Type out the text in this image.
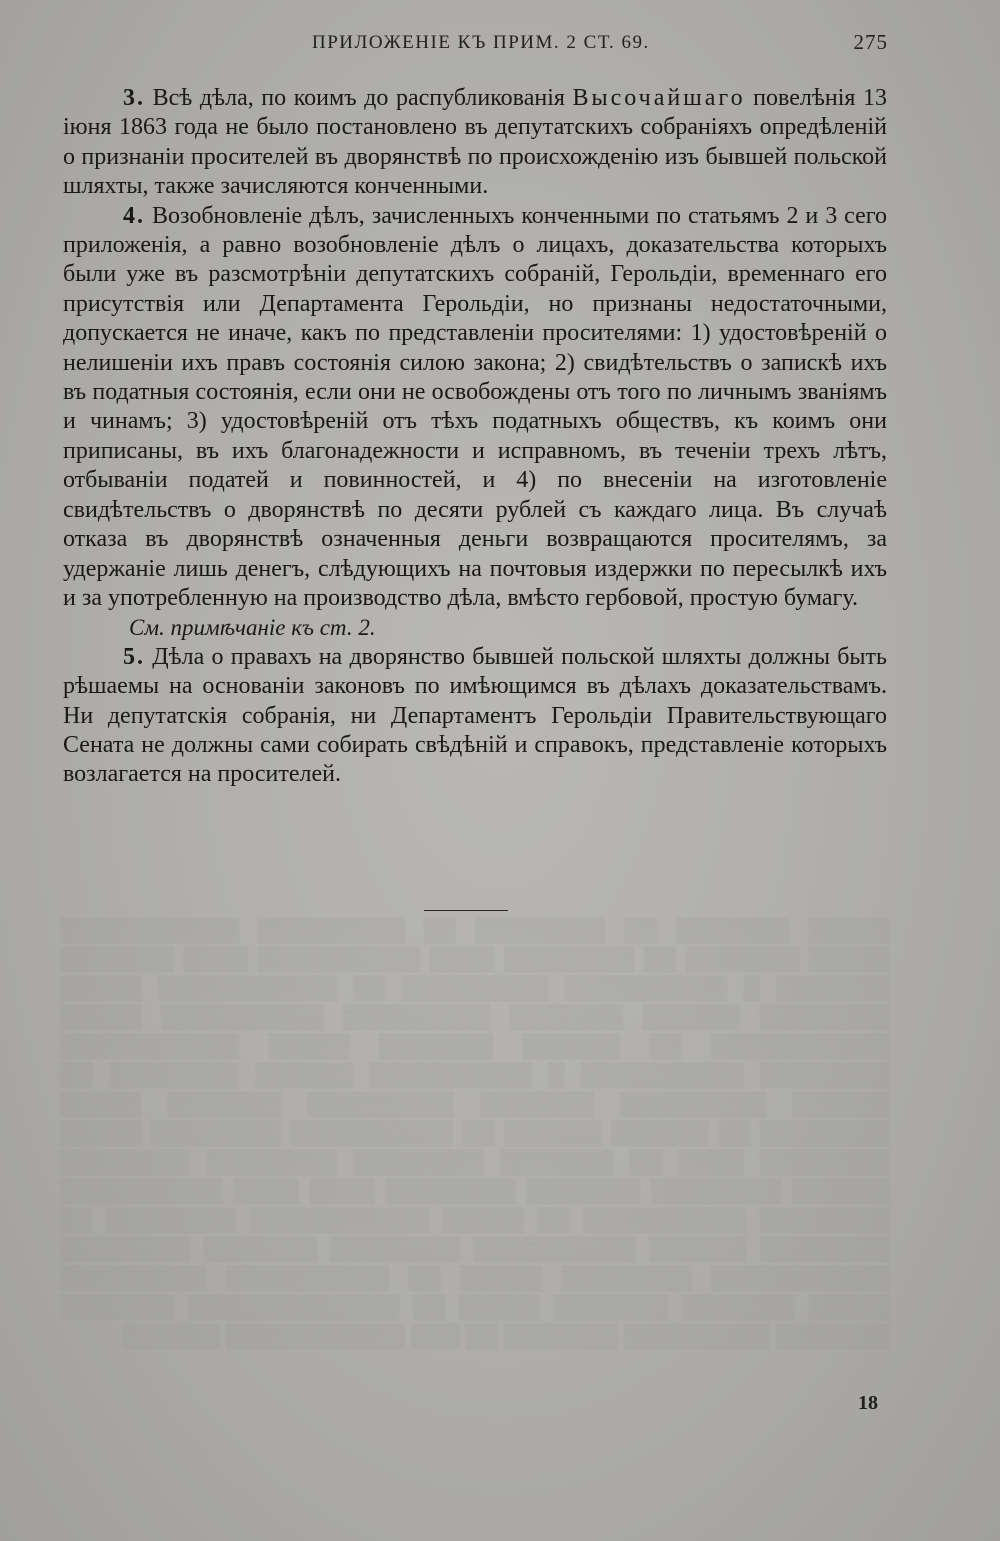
ПРИЛОЖЕНІЕ КЪ ПРИМ. 2 СТ. 69.	275

3. Всѣ дѣла, по коимъ до распубликованія Высочайшаго повелѣнія 13 іюня 1863 года не было постановлено въ депутатскихъ собраніяхъ опредѣленій о признаніи просителей въ дворянствѣ по происхожденію изъ бывшей польской шляхты, также зачисляются конченными.

4. Возобновленіе дѣлъ, зачисленныхъ конченными по статьямъ 2 и 3 сего приложенія, а равно возобновленіе дѣлъ о лицахъ, доказательства которыхъ были уже въ разсмотрѣніи депутатскихъ собраній, Герольдіи, временнаго его присутствія или Департамента Герольдіи, но признаны недостаточными, допускается не иначе, какъ по представленіи просителями: 1) удостовѣреній о нелишеніи ихъ правъ состоянія силою закона; 2) свидѣтельствъ о запискѣ ихъ въ податныя состоянія, если они не освобождены отъ того по личнымъ званіямъ и чинамъ; 3) удостовѣреній отъ тѣхъ податныхъ обществъ, къ коимъ они приписаны, въ ихъ благонадежности и исправномъ, въ теченіи трехъ лѣтъ, отбываніи податей и повинностей, и 4) по внесеніи на изготовленіе свидѣтельствъ о дворянствѣ по десяти рублей съ каждаго лица. Въ случаѣ отказа въ дворянствѣ означенныя деньги возвращаются просителямъ, за удержаніе лишь денегъ, слѣдующихъ на почтовыя издержки по пересылкѣ ихъ и за употребленную на производство дѣла, вмѣсто гербовой, простую бумагу.

См. примѣчаніе къ ст. 2.

5. Дѣла о правахъ на дворянство бывшей польской шляхты должны быть рѣшаемы на основаніи законовъ по имѣющимся въ дѣлахъ доказательствамъ. Ни депутатскія собранія, ни Департаментъ Герольдіи Правительствующаго Сената не должны сами собирать свѣдѣній и справокъ, представленіе которыхъ возлагается на просителей.

▒▒▒▒▒ ▒▒▒▒▒▒▒ ▒▒ ▒▒▒▒▒▒▒▒ ▒▒ ▒▒▒▒▒▒▒▒▒ ▒▒▒▒▒▒▒▒▒▒▒ ▒▒▒▒▒ ▒▒▒▒▒▒▒ ▒▒ ▒▒▒▒▒▒▒▒ ▒▒▒▒ ▒▒▒▒▒▒▒▒▒▒ ▒▒▒▒ ▒▒▒▒▒▒▒ ▒▒▒▒▒▒▒ ▒ ▒▒▒▒▒▒▒▒▒▒ ▒▒▒▒▒▒▒▒▒ ▒▒ ▒▒▒▒▒▒▒▒▒▒▒ ▒▒▒▒▒ ▒▒▒▒▒▒▒▒ ▒▒▒▒▒▒ ▒▒▒▒▒▒▒ ▒▒▒▒▒▒▒▒▒ ▒▒▒▒▒▒▒▒▒▒ ▒▒▒▒▒ ▒▒▒▒▒▒▒▒▒▒▒ ▒▒ ▒▒▒▒▒▒ ▒▒▒▒▒▒▒ ▒▒▒▒▒ ▒▒▒▒▒▒▒▒▒▒▒ ▒▒▒▒▒▒▒▒ ▒▒▒▒▒▒▒▒▒▒ ▒ ▒▒▒▒▒▒▒▒▒▒ ▒▒▒▒▒▒ ▒▒▒▒▒▒▒▒ ▒▒ ▒▒▒▒▒▒ ▒▒▒▒▒▒▒▒▒ ▒▒▒▒▒▒▒ ▒▒▒▒▒▒▒▒▒ ▒▒▒▒▒▒▒ ▒▒▒▒▒ ▒▒▒▒▒▒▒▒ ▒▒ ▒▒▒▒▒▒ ▒▒▒▒▒▒ ▒▒ ▒▒▒▒▒▒▒▒▒▒ ▒▒▒▒▒▒▒▒ ▒▒▒▒▒ ▒▒▒▒▒▒▒▒ ▒▒▒▒ ▒▒ ▒▒▒▒▒▒▒ ▒▒▒▒▒▒▒▒ ▒▒▒▒▒▒▒▒ ▒▒▒▒▒▒▒▒ ▒▒▒▒▒▒ ▒▒▒▒▒▒▒▒ ▒▒▒▒▒▒▒ ▒▒▒▒▒▒▒▒ ▒▒▒▒ ▒▒▒▒ ▒▒▒▒▒▒▒▒▒▒ ▒▒▒▒▒▒▒▒ ▒▒▒▒▒▒▒▒▒▒ ▒▒ ▒▒▒▒▒ ▒▒▒▒▒▒▒▒▒▒▒ ▒▒▒▒▒▒▒▒ ▒▒ ▒▒▒▒▒▒▒▒ ▒▒▒▒▒▒ ▒▒▒▒▒▒▒▒▒▒ ▒▒▒▒▒▒▒▒ ▒▒▒▒▒▒▒ ▒▒▒▒▒▒▒▒ ▒▒▒▒▒▒▒▒▒▒▒ ▒▒▒▒▒▒▒▒ ▒▒▒▒▒ ▒▒ ▒▒▒▒▒▒▒▒▒▒ ▒▒▒▒▒▒▒▒▒ ▒▒▒▒▒ ▒▒▒▒▒▒▒ ▒▒▒▒▒▒▒ ▒▒▒▒▒ ▒▒ ▒▒▒▒▒▒▒▒▒▒▒▒▒ ▒▒▒▒▒▒▒ ▒▒▒▒▒▒▒ ▒▒▒▒▒▒▒▒▒ ▒▒▒▒▒▒▒ ▒▒ ▒▒▒ ▒▒▒▒▒▒▒▒▒▒▒ ▒▒▒▒▒▒
18
